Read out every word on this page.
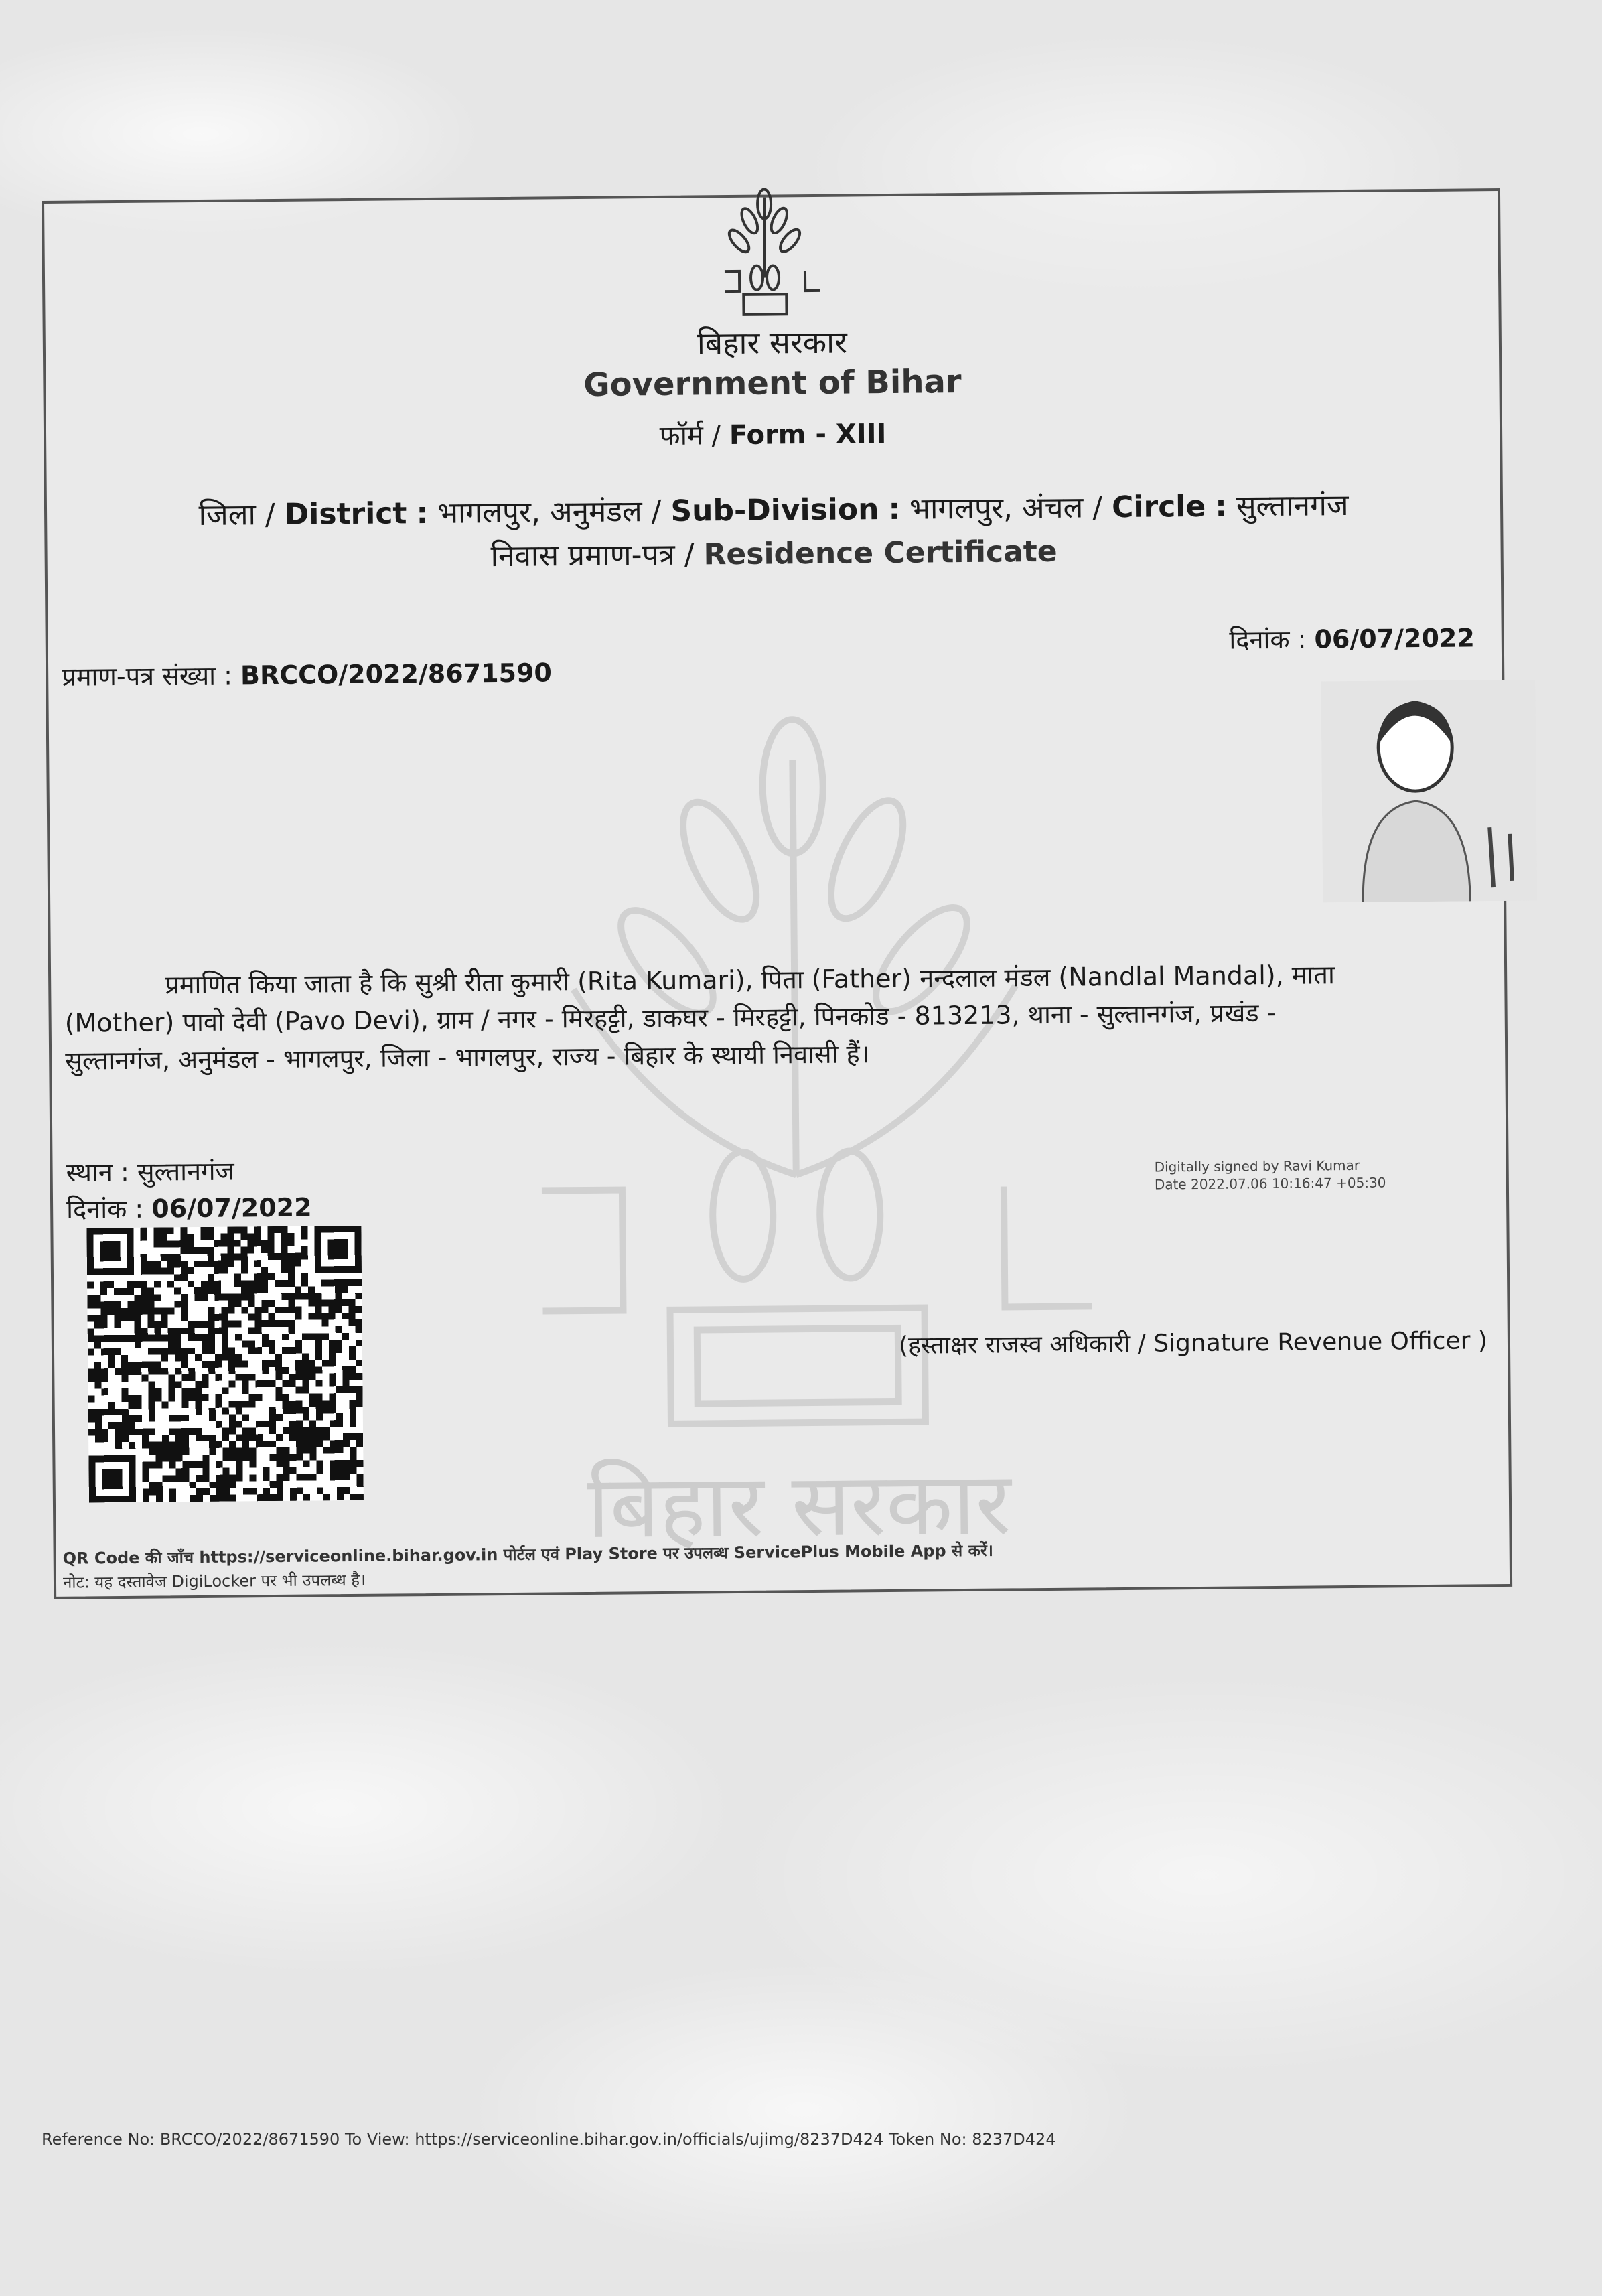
बिहार सरकार
बिहार सरकार
Government of Bihar
फॉर्म / Form - XIII
जिला / District : भागलपुर, अनुमंडल / Sub-Division : भागलपुर, अंचल / Circle : सुल्तानगंज
निवास प्रमाण-पत्र / Residence Certificate
प्रमाण-पत्र संख्या : BRCCO/2022/8671590
दिनांक : 06/07/2022
प्रमाणित किया जाता है कि सुश्री रीता कुमारी (Rita Kumari), पिता (Father) नन्दलाल मंडल (Nandlal Mandal), माता
(Mother) पावो देवी (Pavo Devi), ग्राम / नगर - मिरहट्टी, डाकघर - मिरहट्टी, पिनकोड - 813213, थाना - सुल्तानगंज, प्रखंड -
सुल्तानगंज, अनुमंडल - भागलपुर, जिला - भागलपुर, राज्य - बिहार के स्थायी निवासी हैं।
स्थान : सुल्तानगंज
दिनांक : 06/07/2022
Digitally signed by Ravi Kumar
Date 2022.07.06 10:16:47 +05:30
(हस्ताक्षर राजस्व अधिकारी / Signature Revenue Officer )
QR Code की जाँच https://serviceonline.bihar.gov.in पोर्टल एवं Play Store पर उपलब्ध ServicePlus Mobile App से करें।
नोट: यह दस्तावेज DigiLocker पर भी उपलब्ध है।
Reference No: BRCCO/2022/8671590 To View: https://serviceonline.bihar.gov.in/officials/ujimg/8237D424 Token No: 8237D424
